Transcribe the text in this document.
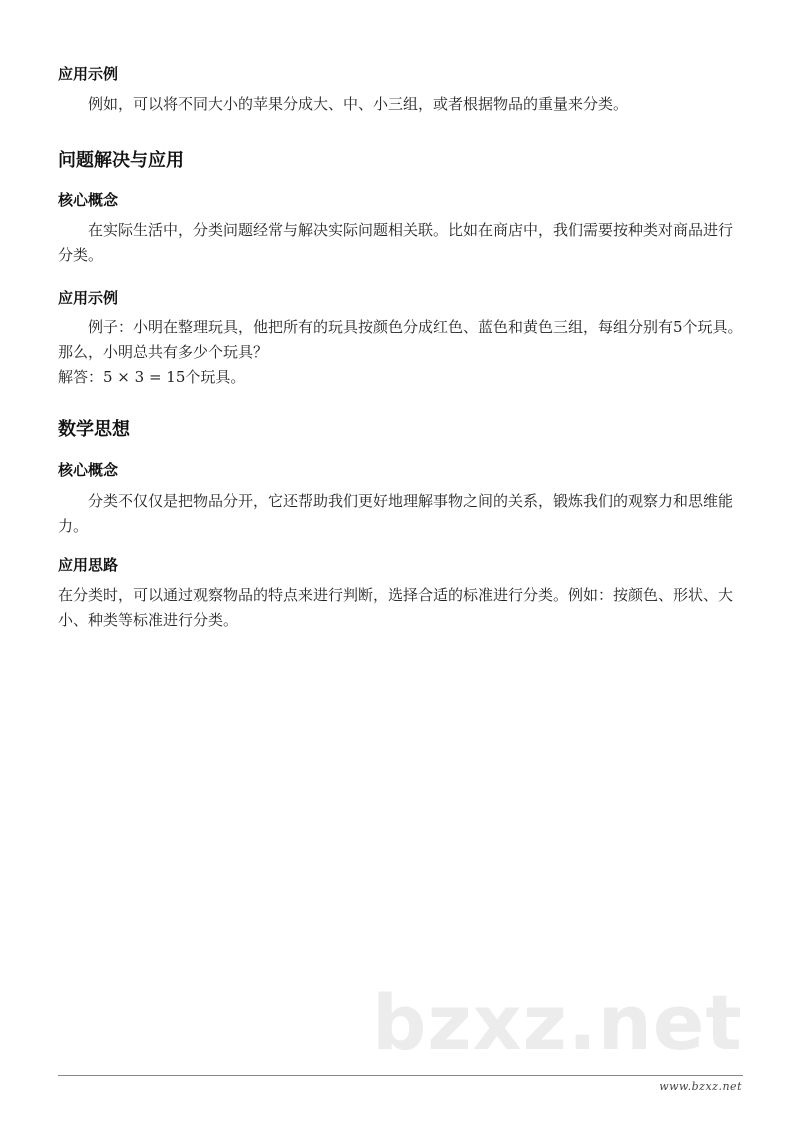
bzxz.net
应用示例
例如，可以将不同大小的苹果分成大、中、小三组，或者根据物品的重量来分类。
问题解决与应用
核心概念
在实际生活中，分类问题经常与解决实际问题相关联。比如在商店中，我们需要按种类对商品进行分类。
应用示例
例子：小明在整理玩具，他把所有的玩具按颜色分成红色、蓝色和黄色三组，每组分别有5个玩具。那么，小明总共有多少个玩具？
解答：5 × 3 = 15个玩具。
数学思想
核心概念
分类不仅仅是把物品分开，它还帮助我们更好地理解事物之间的关系，锻炼我们的观察力和思维能力。
应用思路
在分类时，可以通过观察物品的特点来进行判断，选择合适的标准进行分类。例如：按颜色、形状、大小、种类等标准进行分类。
www.bzxz.net
